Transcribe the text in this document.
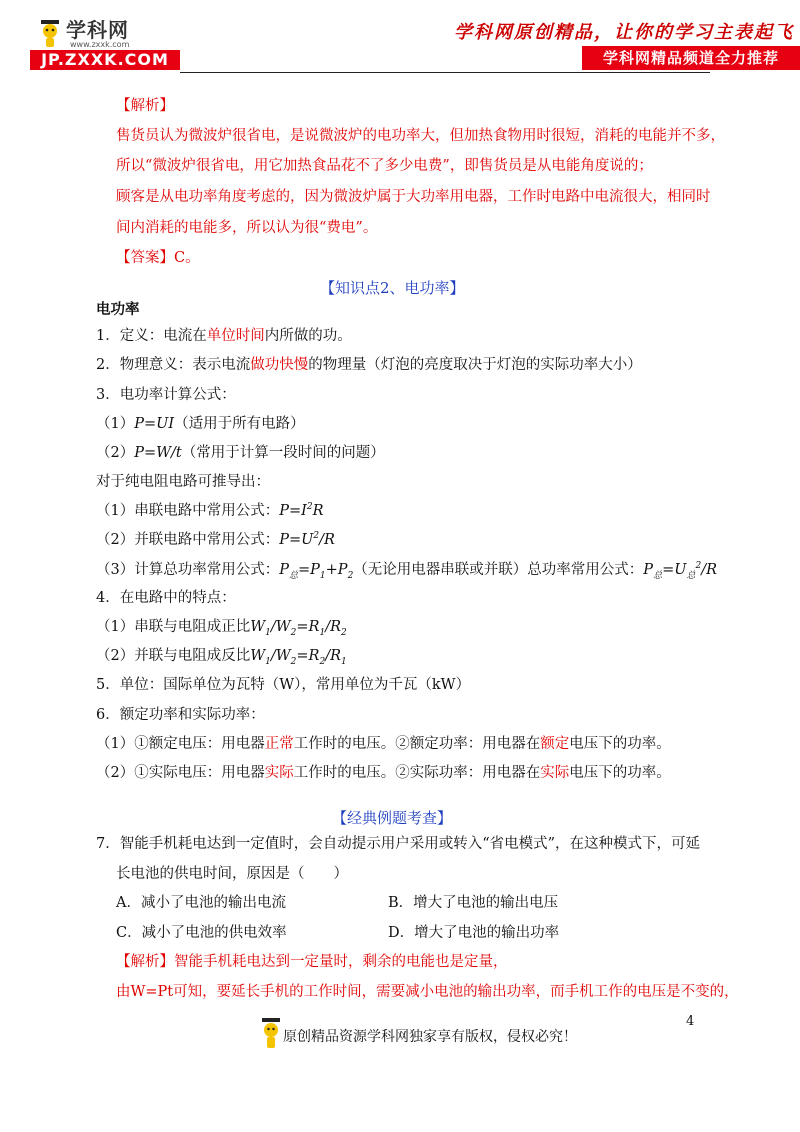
学科网
www.zxxk.com
JP.ZXXK.COM
学科网原创精品，让你的学习主表起飞
学科网精品频道全力推荐
【解析】
售货员认为微波炉很省电，是说微波炉的电功率大，但加热食物用时很短，消耗的电能并不多，
所以“微波炉很省电，用它加热食品花不了多少电费”，即售货员是从电能角度说的；
顾客是从电功率角度考虑的，因为微波炉属于大功率用电器，工作时电路中电流很大，相同时
间内消耗的电能多，所以认为很“费电”。
【答案】C。
【知识点2、电功率】
电功率
1．定义：电流在单位时间内所做的功。
2．物理意义：表示电流做功快慢的物理量（灯泡的亮度取决于灯泡的实际功率大小）
3．电功率计算公式：
（1）P=UI（适用于所有电路）
（2）P=W/t（常用于计算一段时间的问题）
对于纯电阻电路可推导出：
（1）串联电路中常用公式：$P=I^2R$
（2）并联电路中常用公式：$P=U^2/R$
（3）计算总功率常用公式：$P_总=P_1+P_2$（无论用电器串联或并联）总功率常用公式：$P_总=U_总^2/R$
4．在电路中的特点：
（1）串联与电阻成正比$W_1/W_2=R_1/R_2$
（2）并联与电阻成反比$W_1/W_2=R_2/R_1$
5．单位：国际单位为瓦特（W），常用单位为千瓦（kW）
6．额定功率和实际功率：
（1）①额定电压：用电器正常工作时的电压。②额定功率：用电器在额定电压下的功率。
（2）①实际电压：用电器实际工作时的电压。②实际功率：用电器在实际电压下的功率。
【经典例题考查】
7．智能手机耗电达到一定值时，会自动提示用户采用或转入“省电模式”，在这种模式下，可延
长电池的供电时间，原因是（　　）
A．减小了电池的输出电流	B．增大了电池的输出电压
C．减小了电池的供电效率	D．增大了电池的输出功率
【解析】智能手机耗电达到一定量时，剩余的电能也是定量，
由W=Pt可知，要延长手机的工作时间，需要减小电池的输出功率，而手机工作的电压是不变的，
4
原创精品资源学科网独家享有版权，侵权必究！
